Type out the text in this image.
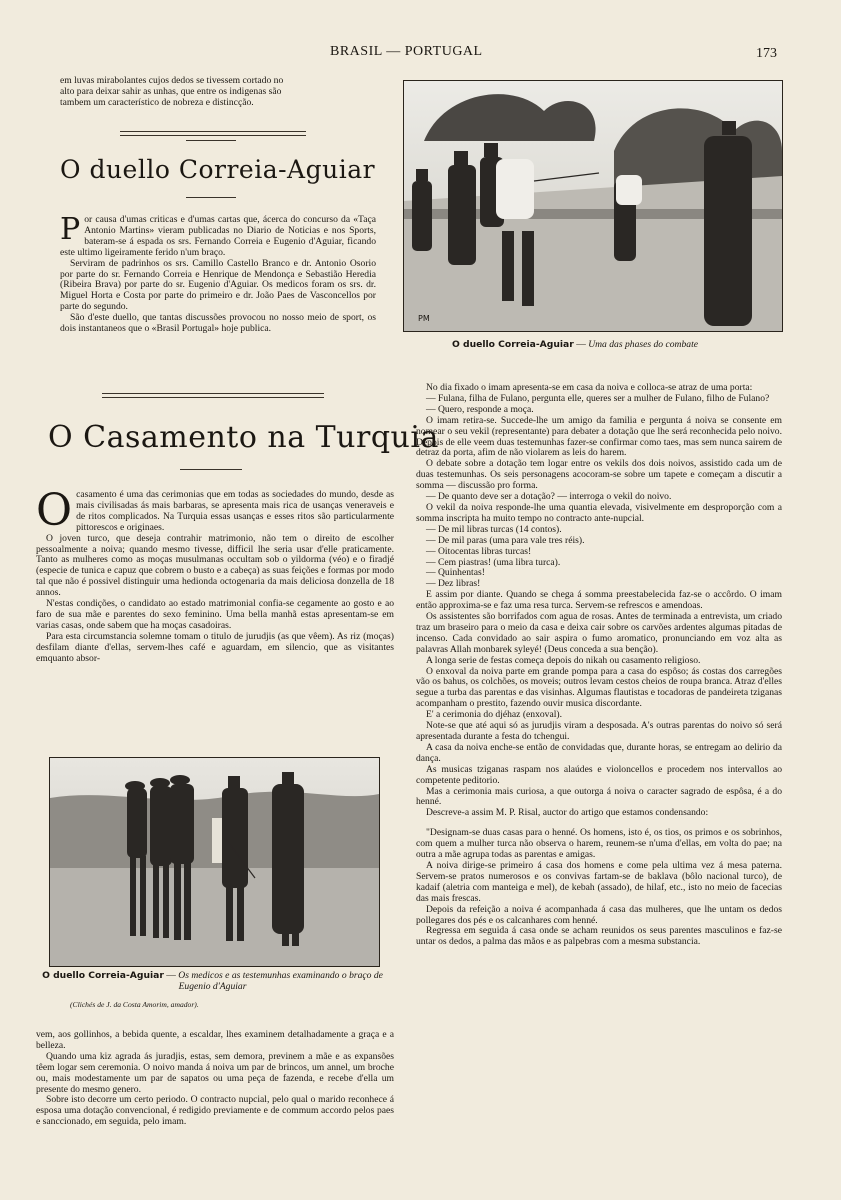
BRASIL — PORTUGAL	173

em luvas mirabolantes cujos dedos se tivessem cortado no

alto para deixar sahir as unhas, que entre os indigenas são

tambem um característico de nobreza e distincção.

O duello Correia-Aguiar

Por causa d'umas criticas e d'umas cartas que, ácerca do concurso da «Taça Antonio Martins» vieram publicadas no Diario de Noticias e nos Sports, bateram-se á espada os srs. Fernando Correia e Eugenio d'Aguiar, ficando este ultimo ligeiramente ferido n'um braço.

Serviram de padrinhos os srs. Camillo Castello Branco e dr. Antonio Osorio por parte do sr. Fernando Correia e Henrique de Mendonça e Sebastião Heredia (Ribeira Brava) por parte do sr. Eugenio d'Aguiar. Os medicos foram os srs. dr. Miguel Horta e Costa por parte do primeiro e dr. João Paes de Vasconcellos por parte do segundo.

São d'este duello, que tantas discussões provocou no nosso meio de sport, os dois instantaneos que o «Brasil Portugal» hoje publica.

O Casamento na Turquia

Ocasamento é uma das cerimonias que em todas as sociedades do mundo, desde as mais civilisadas ás mais barbaras, se apresenta mais rica de usanças veneraveis e de ritos complicados. Na Turquia essas usanças e esses ritos são particularmente pittorescos e originaes.

O joven turco, que deseja contrahir matrimonio, não tem o direito de escolher pessoalmente a noiva; quando mesmo tivesse, difficil lhe seria usar d'elle praticamente. Tanto as mulheres como as moças musulmanas occultam sob o yildorma (véo) e o firadjé (especie de tunica e capuz que cobrem o busto e a cabeça) as suas feições e formas por modo tal que não é possivel distinguir uma hedionda octogenaria da mais deliciosa donzella de 18 annos.

N'estas condições, o candidato ao estado matrimonial confia-se cegamente ao gosto e ao faro de sua mãe e parentes do sexo feminino. Uma bella manhã estas apresentam-se em varias casas, onde sabem que ha moças casadoiras.

Para esta circumstancia solemne tomam o titulo de jurudjis (as que vêem). As riz (moças) desfilam diante d'ellas, servem-lhes café e aguardam, em silencio, que as visitantes emquanto absor-

O duello Correia-Aguiar — Os medicos e as testemunhas examinando o braço de Eugenio d'Aguiar
(Clichés de J. da Costa Amorim, amador).

vem, aos gollinhos, a bebida quente, a escaldar, lhes examinem detalhadamente a graça e a belleza.

Quando uma kiz agrada ás juradjis, estas, sem demora, previnem a mãe e as expansões têem logar sem ceremonia. O noivo manda á noiva um par de brincos, um annel, um broche ou, mais modestamente um par de sapatos ou uma peça de fazenda, e recebe d'ella um presente do mesmo genero.

Sobre isto decorre um certo periodo. O contracto nupcial, pelo qual o marido reconhece á esposa uma dotação convencional, é redigido previamente e de commum accordo pelos paes e sanccionado, em seguida, pelo imam.

PM
O duello Correia-Aguiar — Uma das phases do combate

No dia fixado o imam apresenta-se em casa da noiva e colloca-se atraz de uma porta:

— Fulana, filha de Fulano, pergunta elle, queres ser a mulher de Fulano, filho de Fulano?

— Quero, responde a moça.

O imam retira-se. Succede-lhe um amigo da familia e pergunta á noiva se consente em nomear o seu vekil (representante) para debater a dotação que lhe será reconhecida pelo noivo. Depois de elle veem duas testemunhas fazer-se confirmar como taes, mas sem nunca sairem de detraz da porta, afim de não violarem as leis do harem.

O debate sobre a dotação tem logar entre os vekils dos dois noivos, assistido cada um de duas testemunhas. Os seis personagens acocoram-se sobre um tapete e começam a discutir a somma — discussão pro forma.

— De quanto deve ser a dotação? — interroga o vekil do noivo.

O vekil da noiva responde-lhe uma quantia elevada, visivelmente em desproporção com a somma inscripta ha muito tempo no contracto ante-nupcial.

— De mil libras turcas (14 contos).

— De mil paras (uma para vale tres réis).

— Oitocentas libras turcas!

— Cem piastras! (uma libra turca).

— Quinhentas!

— Dez libras!

E assim por diante. Quando se chega á somma preestabelecida faz-se o accôrdo. O imam então approxima-se e faz uma resa turca. Servem-se refrescos e amendoas.

Os assistentes são borrifados com agua de rosas. Antes de terminada a entrevista, um criado traz um braseiro para o meio da casa e deixa cair sobre os carvões ardentes algumas pitadas de incenso. Cada convidado ao sair aspira o fumo aromatico, pronunciando em voz alta as palavras Allah monbarek syleyé! (Deus conceda a sua benção).

A longa serie de festas começa depois do nikah ou casamento religioso.

O enxoval da noiva parte em grande pompa para a casa do espôso; ás costas dos carregões vão os bahus, os colchões, os moveis; outros levam cestos cheios de roupa branca. Atraz d'elles segue a turba das parentas e das visinhas. Algumas flautistas e tocadoras de pandeireta tziganas acompanham o prestito, fazendo ouvir musica discordante.

E' a cerimonia do djéhaz (enxoval).

Note-se que até aqui só as jurudjis viram a desposada. A's outras parentas do noivo só será apresentada durante a festa do tchengui.

A casa da noiva enche-se então de convidadas que, durante horas, se entregam ao delirio da dança.

As musicas tziganas raspam nos alaúdes e violoncellos e procedem nos intervallos ao competente peditorio.

Mas a cerimonia mais curiosa, a que outorga á noiva o caracter sagrado de espôsa, é a do henné.

Descreve-a assim M. P. Risal, auctor do artigo que estamos condensando:

"Designam-se duas casas para o henné. Os homens, isto é, os tios, os primos e os sobrinhos, com quem a mulher turca não observa o harem, reunem-se n'uma d'ellas, em volta do pae; na outra a mãe agrupa todas as parentas e amigas.

A noiva dirige-se primeiro á casa dos homens e come pela ultima vez á mesa paterna. Servem-se pratos numerosos e os convivas fartam-se de baklava (bôlo nacional turco), de kadaif (aletria com manteiga e mel), de kebah (assado), de hilaf, etc., isto no meio de facecias das mais frescas.

Depois da refeição a noiva é acompanhada á casa das mulheres, que lhe untam os dedos pollegares dos pés e os calcanhares com henné.

Regressa em seguida á casa onde se acham reunidos os seus parentes masculinos e faz-se untar os dedos, a palma das mãos e as palpebras com a mesma substancia.
